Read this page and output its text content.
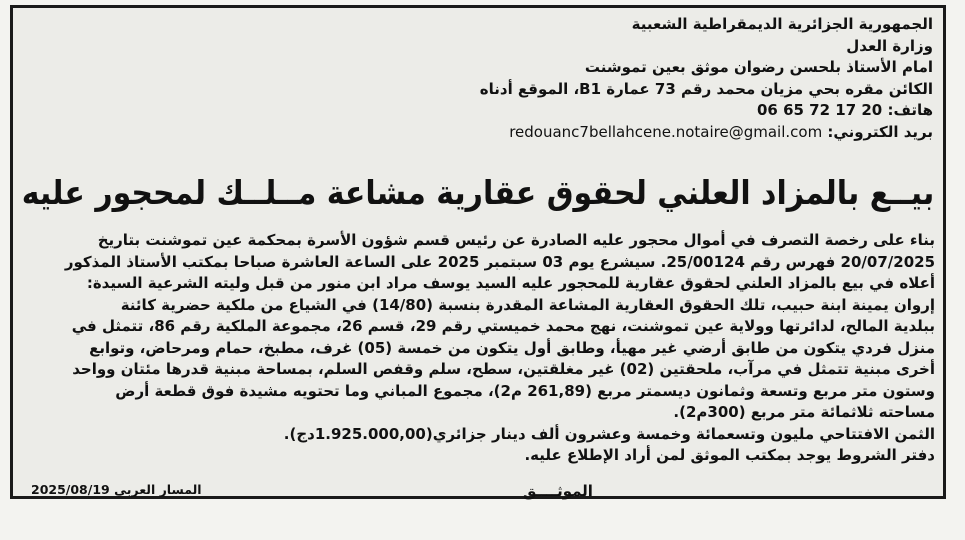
الجمهورية الجزائرية الديمقراطية الشعبية
وزارة العدل
امام الأستاذ بلحسن رضوان موثق بعين تموشنت
الكائن مقره بحي مزيان محمد رقم 73 عمارة B1، الموقع أدناه
هاتف: 06 65 72 17 20
بريد الكتروني: redouanc7bellahcene.notaire@gmail.com
بيــع بالمزاد العلني لحقوق عقارية مشاعة مــلــك لمحجور عليه
بناء على رخصة التصرف في أموال محجور عليه الصادرة عن رئيس قسم شؤون الأسرة بمحكمة عين تموشنت بتاريخ
20/07/2025 فهرس رقم 25/00124. سيشرع يوم 03 سبتمبر 2025 على الساعة العاشرة صباحا بمكتب الأستاذ المذكور
أعلاه في بيع بالمزاد العلني لحقوق عقارية للمحجور عليه السيد يوسف مراد ابن منور من قبل وليته الشرعية السيدة:
إروان يمينة ابنة حبيب، تلك الحقوق العقارية المشاعة المقدرة بنسبة (14/80) في الشياع من ملكية حضرية كائنة
ببلدية المالح، لدائرتها وولاية عين تموشنت، نهج محمد خميستي رقم 29، قسم 26، مجموعة الملكية رقم 86، تتمثل في
منزل فردي يتكون من طابق أرضي غير مهيأ، وطابق أول يتكون من خمسة (05) غرف، مطبخ، حمام ومرحاض، وتوابع
أخرى مبنية تتمثل في مرآب، ملحقتين (02) غير مغلقتين، سطح، سلم وقفص السلم، بمساحة مبنية قدرها مئتان وواحد
وستون متر مربع وتسعة وثمانون ديسمتر مربع (261,89 م2)، مجموع المباني وما تحتويه مشيدة فوق قطعة أرض
مساحته ثلاثمائة متر مربع (300م2).
الثمن الافتتاحي مليون وتسعمائة وخمسة وعشرون ألف دينار جزائري(1.925.000,00دج).
دفتر الشروط يوجد بمكتب الموثق لمن أراد الإطلاع عليه.
2025/08/19 المسار العربي	الموثــــق
